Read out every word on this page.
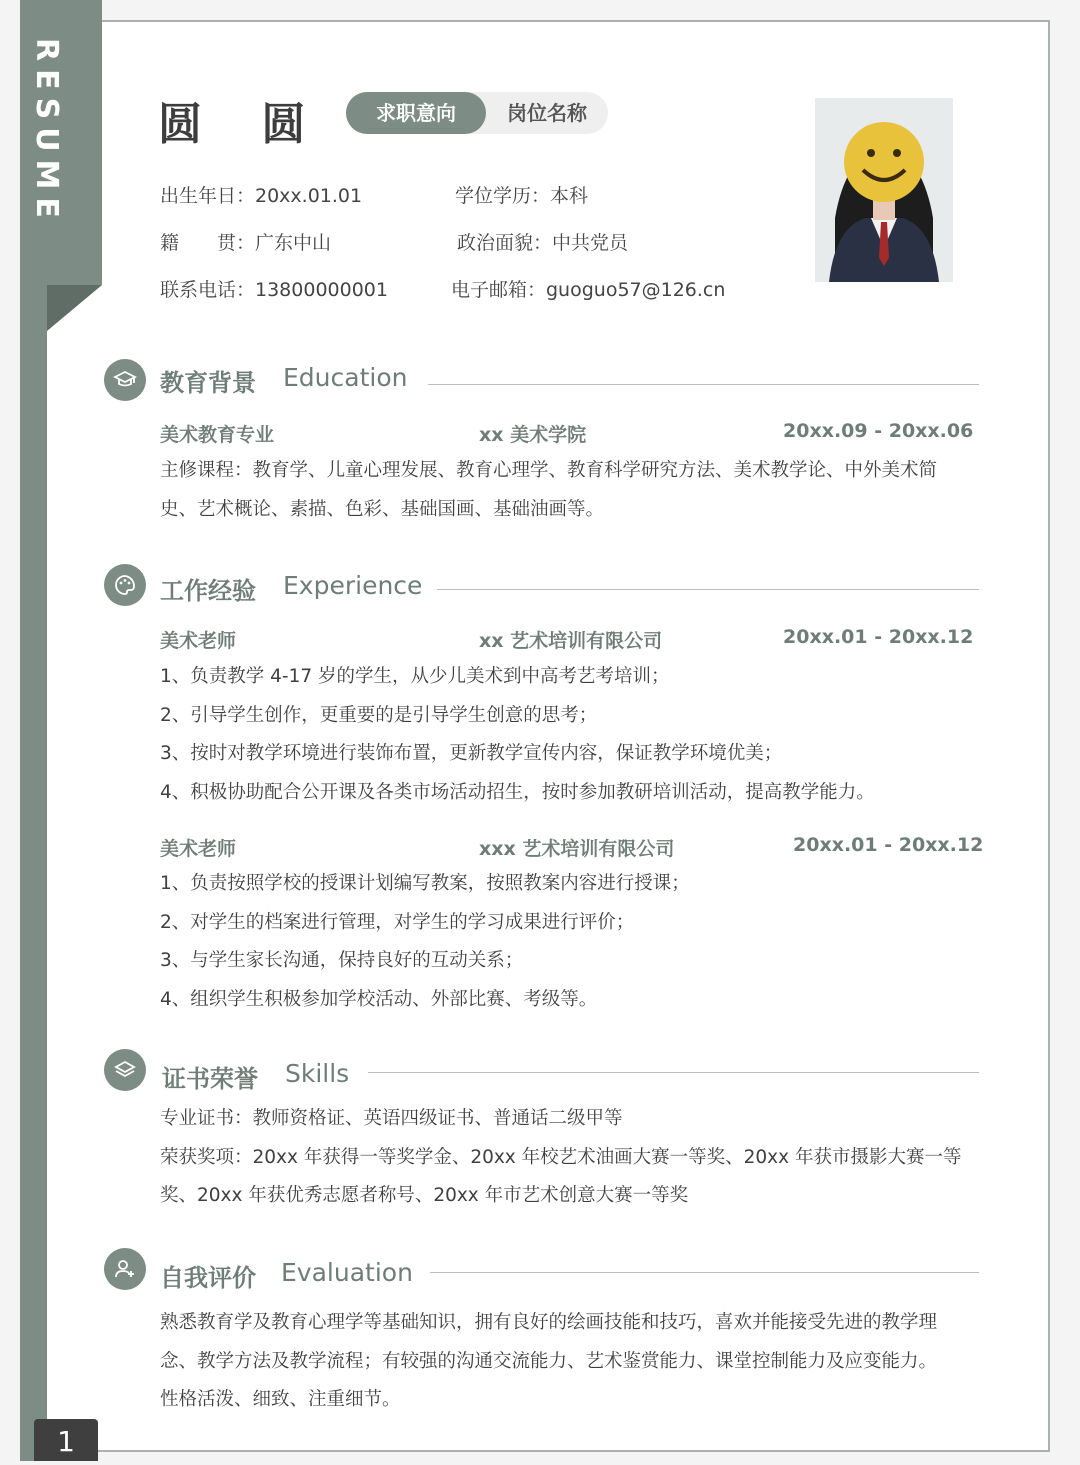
RESUME
1
圆 圆	求职意向	岗位名称
出生年日：20xx.01.01	学位学历：本科
籍　　贯：广东中山	政治面貌：中共党员
联系电话：13800000001	电子邮箱：guoguo57@126.cn
教育背景 Education
美术教育专业	xx 美术学院	20xx.09 - 20xx.06
主修课程：教育学、儿童心理发展、教育心理学、教育科学研究方法、美术教学论、中外美术简
史、艺术概论、素描、色彩、基础国画、基础油画等。
工作经验 Experience
美术老师	xx 艺术培训有限公司	20xx.01 - 20xx.12
1、负责教学 4-17 岁的学生，从少儿美术到中高考艺考培训；
2、引导学生创作，更重要的是引导学生创意的思考；
3、按时对教学环境进行装饰布置，更新教学宣传内容，保证教学环境优美；
4、积极协助配合公开课及各类市场活动招生，按时参加教研培训活动，提高教学能力。
美术老师	xxx 艺术培训有限公司	20xx.01 - 20xx.12
1、负责按照学校的授课计划编写教案，按照教案内容进行授课；
2、对学生的档案进行管理，对学生的学习成果进行评价；
3、与学生家长沟通，保持良好的互动关系；
4、组织学生积极参加学校活动、外部比赛、考级等。
证书荣誉 Skills
专业证书：教师资格证、英语四级证书、普通话二级甲等
荣获奖项：20xx 年获得一等奖学金、20xx 年校艺术油画大赛一等奖、20xx 年获市摄影大赛一等
奖、20xx 年获优秀志愿者称号、20xx 年市艺术创意大赛一等奖
自我评价 Evaluation
熟悉教育学及教育心理学等基础知识，拥有良好的绘画技能和技巧，喜欢并能接受先进的教学理
念、教学方法及教学流程；有较强的沟通交流能力、艺术鉴赏能力、课堂控制能力及应变能力。
性格活泼、细致、注重细节。
